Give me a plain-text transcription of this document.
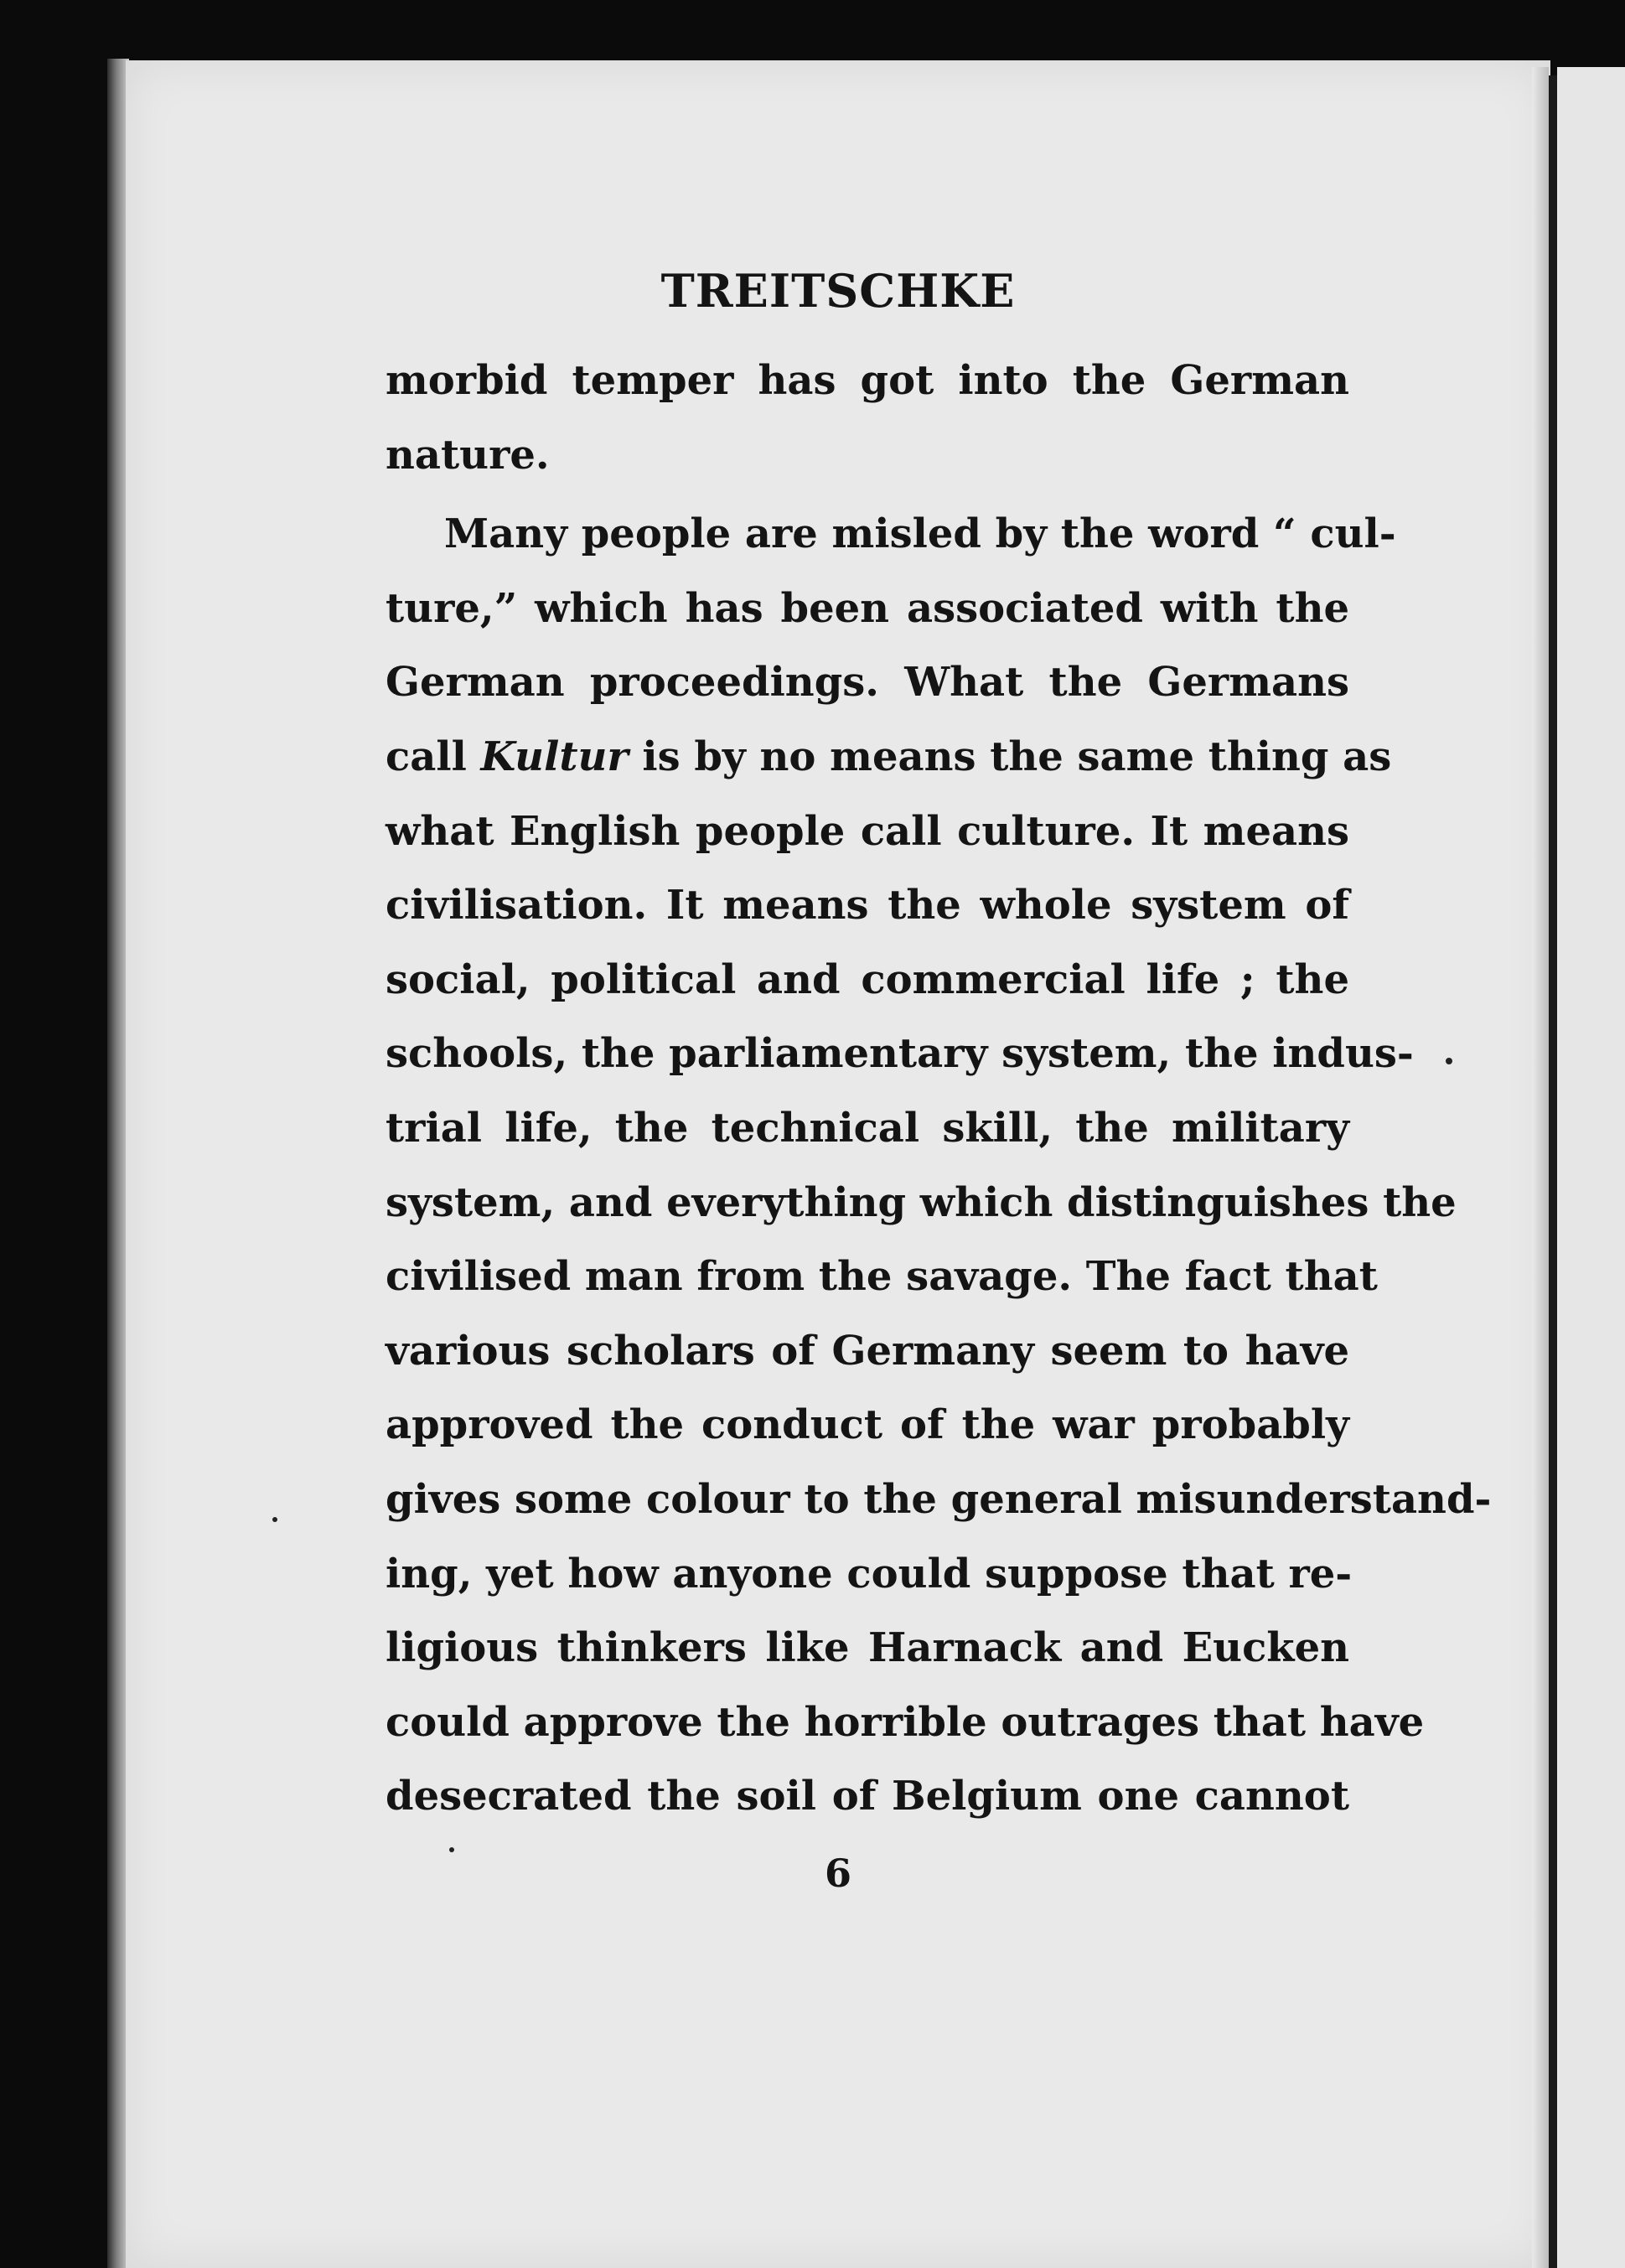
TREITSCHKE
morbid temper has got into the German
nature.
Many people are misled by the word “ cul-
ture,” which has been associated with the
German proceedings. What the Germans
call Kultur is by no means the same thing as
what English people call culture. It means
civilisation. It means the whole system of
social, political and commercial life ; the
schools, the parliamentary system, the indus-
trial life, the technical skill, the military
system, and everything which distinguishes the
civilised man from the savage. The fact that
various scholars of Germany seem to have
approved the conduct of the war probably
gives some colour to the general misunderstand-
ing, yet how anyone could suppose that re-
ligious thinkers like Harnack and Eucken
could approve the horrible outrages that have
desecrated the soil of Belgium one cannot
6
